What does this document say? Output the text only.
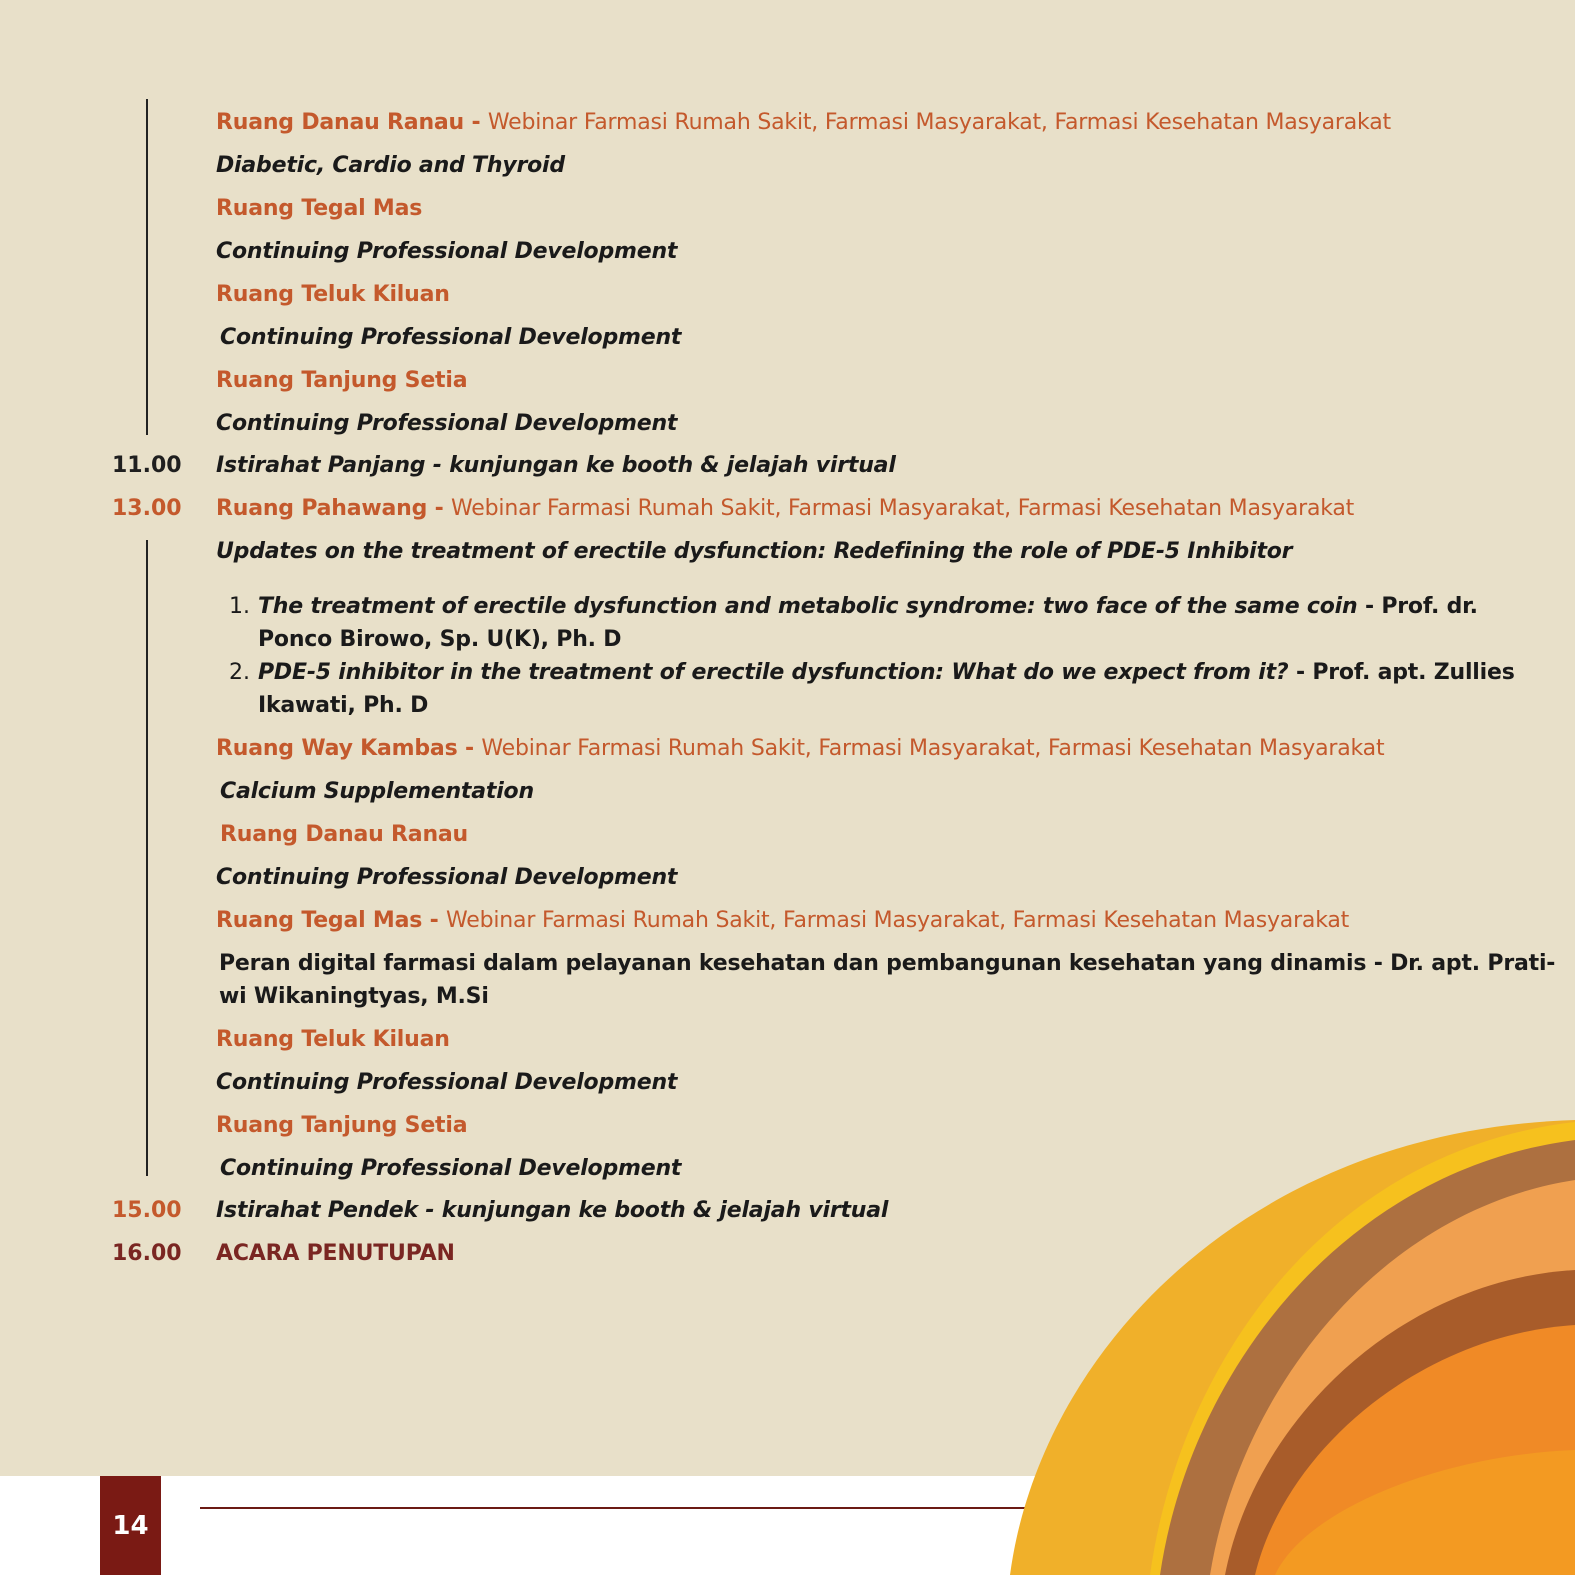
Ruang Danau Ranau - Webinar Farmasi Rumah Sakit, Farmasi Masyarakat, Farmasi Kesehatan Masyarakat
Diabetic, Cardio and Thyroid
Ruang Tegal Mas
Continuing Professional Development
Ruang Teluk Kiluan
Continuing Professional Development
Ruang Tanjung Setia
Continuing Professional Development
11.00 Istirahat Panjang - kunjungan ke booth & jelajah virtual
13.00 Ruang Pahawang - Webinar Farmasi Rumah Sakit, Farmasi Masyarakat, Farmasi Kesehatan Masyarakat
Updates on the treatment of erectile dysfunction: Redefining the role of PDE-5 Inhibitor
1. The treatment of erectile dysfunction and metabolic syndrome: two face of the same coin - Prof. dr.
Ponco Birowo, Sp. U(K), Ph. D
2. PDE-5 inhibitor in the treatment of erectile dysfunction: What do we expect from it? - Prof. apt. Zullies
Ikawati, Ph. D
Ruang Way Kambas - Webinar Farmasi Rumah Sakit, Farmasi Masyarakat, Farmasi Kesehatan Masyarakat
Calcium Supplementation
Ruang Danau Ranau
Continuing Professional Development
Ruang Tegal Mas - Webinar Farmasi Rumah Sakit, Farmasi Masyarakat, Farmasi Kesehatan Masyarakat
Peran digital farmasi dalam pelayanan kesehatan dan pembangunan kesehatan yang dinamis - Dr. apt. Prati-
wi Wikaningtyas, M.Si
Ruang Teluk Kiluan
Continuing Professional Development
Ruang Tanjung Setia
Continuing Professional Development
15.00 Istirahat Pendek - kunjungan ke booth & jelajah virtual
16.00 ACARA PENUTUPAN
14
